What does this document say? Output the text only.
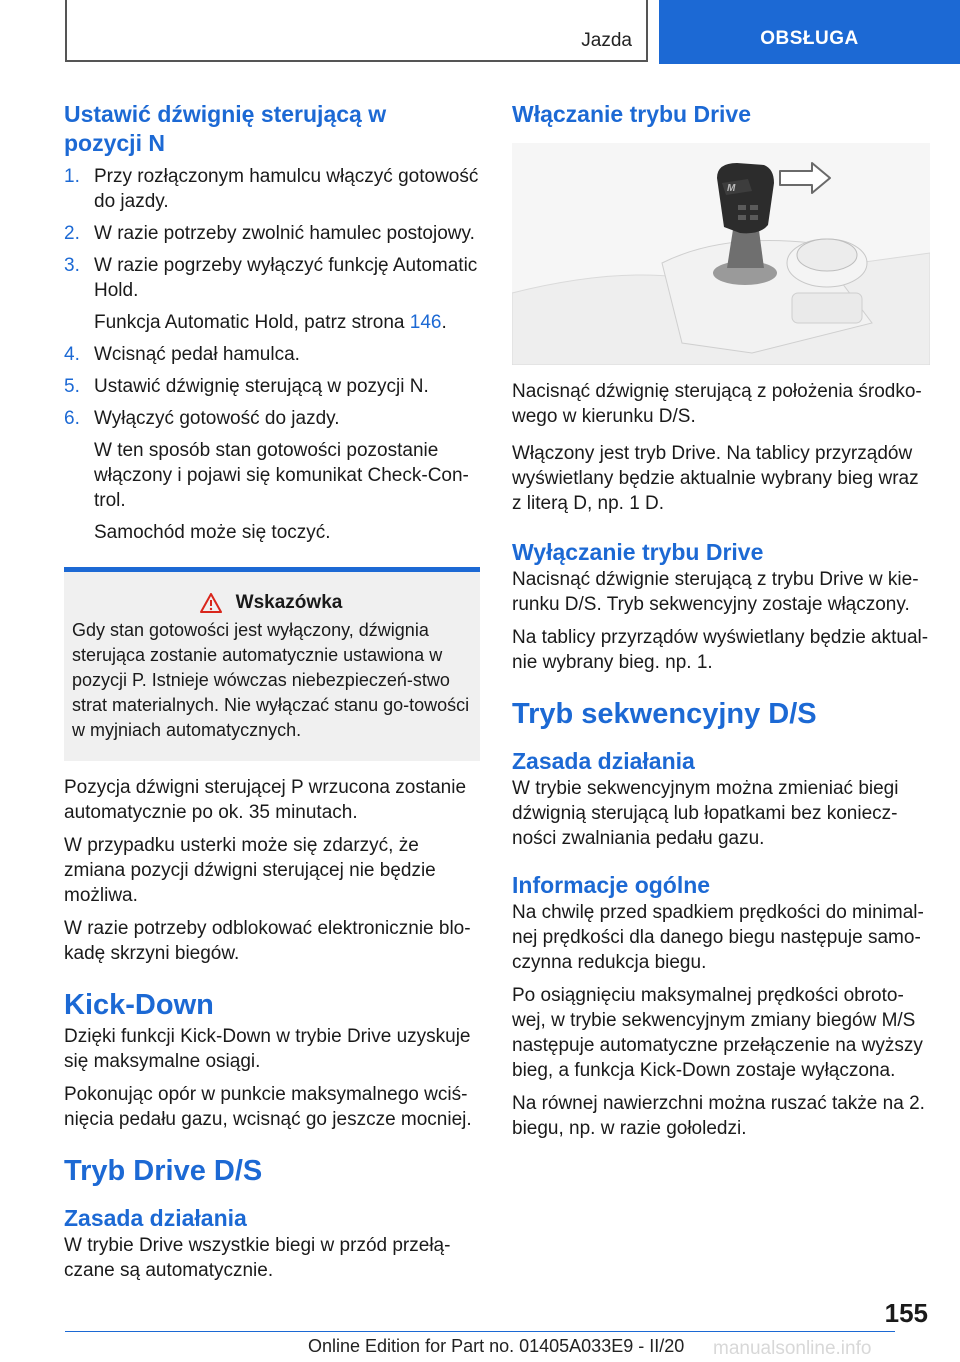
Jazda	OBSŁUGA
Ustawić dźwignię sterującą w pozycji N
1. Przy rozłączonym hamulcu włączyć gotowość do jazdy.
2. W razie potrzeby zwolnić hamulec postojowy.
3. W razie pogrzeby wyłączyć funkcję Automatic Hold.
Funkcja Automatic Hold, patrz strona 146.
4. Wcisnąć pedał hamulca.
5. Ustawić dźwignię sterującą w pozycji N.
6. Wyłączyć gotowość do jazdy.
W ten sposób stan gotowości pozostanie włączony i pojawi się komunikat Check-Con‐trol.
Samochód może się toczyć.
Wskazówka

Gdy stan gotowości jest wyłączony, dźwignia sterująca zostanie automatycznie ustawiona w pozycji P. Istnieje wówczas niebezpieczeń‐stwo strat materialnych. Nie wyłączać stanu go‐towości w myjniach automatycznych.

Pozycja dźwigni sterującej P wrzucona zostanie automatycznie po ok. 35 minutach.

W przypadku usterki może się zdarzyć, że zmiana pozycji dźwigni sterującej nie będzie możliwa.

W razie potrzeby odblokować elektronicznie blo‐kadę skrzyni biegów.

Kick-Down

Dzięki funkcji Kick-Down w trybie Drive uzyskuje się maksymalne osiągi.

Pokonując opór w punkcie maksymalnego wciś‐nięcia pedału gazu, wcisnąć go jeszcze mocniej.

Tryb Drive D/S
Zasada działania

W trybie Drive wszystkie biegi w przód przełą‐czane są automatycznie.

Włączanie trybu Drive
M

Nacisnąć dźwignię sterującą z położenia środko‐wego w kierunku D/S.

Włączony jest tryb Drive. Na tablicy przyrządów wyświetlany będzie aktualnie wybrany bieg wraz z literą D, np. 1 D.

Wyłączanie trybu Drive

Nacisnąć dźwignie sterującą z trybu Drive w kie‐runku D/S. Tryb sekwencyjny zostaje włączony.

Na tablicy przyrządów wyświetlany będzie aktual‐nie wybrany bieg. np. 1.

Tryb sekwencyjny D/S
Zasada działania

W trybie sekwencyjnym można zmieniać biegi dźwignią sterującą lub łopatkami bez koniecz‐ności zwalniania pedału gazu.

Informacje ogólne

Na chwilę przed spadkiem prędkości do minimal‐nej prędkości dla danego biegu następuje samo‐czynna redukcja biegu.

Po osiągnięciu maksymalnej prędkości obroto‐wej, w trybie sekwencyjnym zmiany biegów M/S następuje automatyczne przełączenie na wyższy bieg, a funkcja Kick-Down zostaje wyłączona.

Na równej nawierzchni można ruszać także na 2. biegu, np. w razie gołoledzi.

155
Online Edition for Part no. 01405A033E9 - II/20 manualsonline.info
